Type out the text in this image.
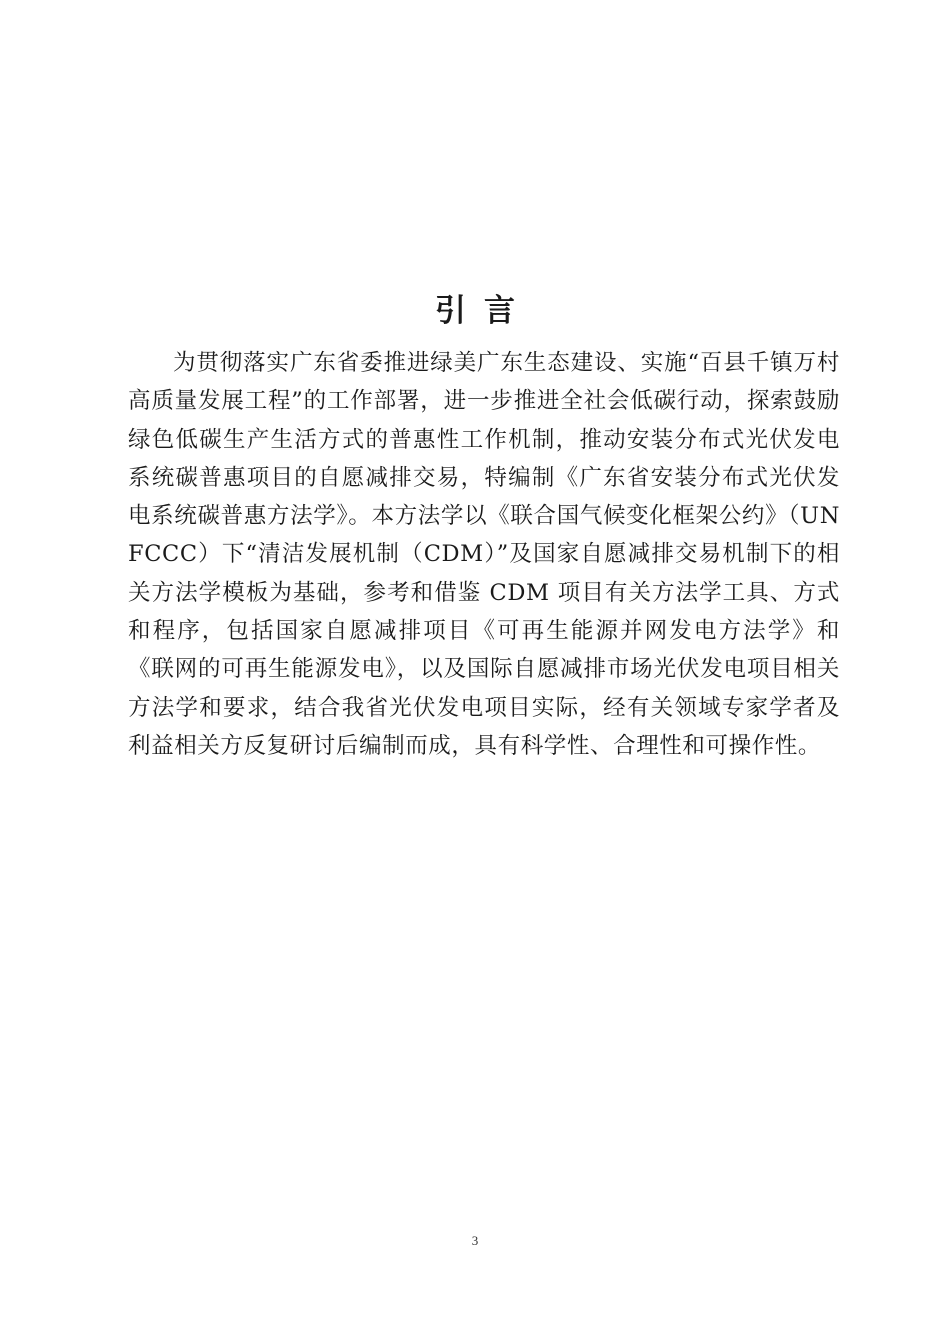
引言

为贯彻落实广东省委推进绿美广东生态建设、实施“百县千镇万村高质量发展工程”的工作部署，进一步推进全社会低碳行动，探索鼓励绿色低碳生产生活方式的普惠性工作机制，推动安装分布式光伏发电系统碳普惠项目的自愿减排交易，特编制《广东省安装分布式光伏发电系统碳普惠方法学》。本方法学以《联合国气候变化框架公约》（UNFCCC）下“清洁发展机制（CDM）”及国家自愿减排交易机制下的相关方法学模板为基础，参考和借鉴 CDM 项目有关方法学工具、方式和程序，包括国家自愿减排项目《可再生能源并网发电方法学》和《联网的可再生能源发电》，以及国际自愿减排市场光伏发电项目相关方法学和要求，结合我省光伏发电项目实际，经有关领域专家学者及利益相关方反复研讨后编制而成，具有科学性、合理性和可操作性。

3
